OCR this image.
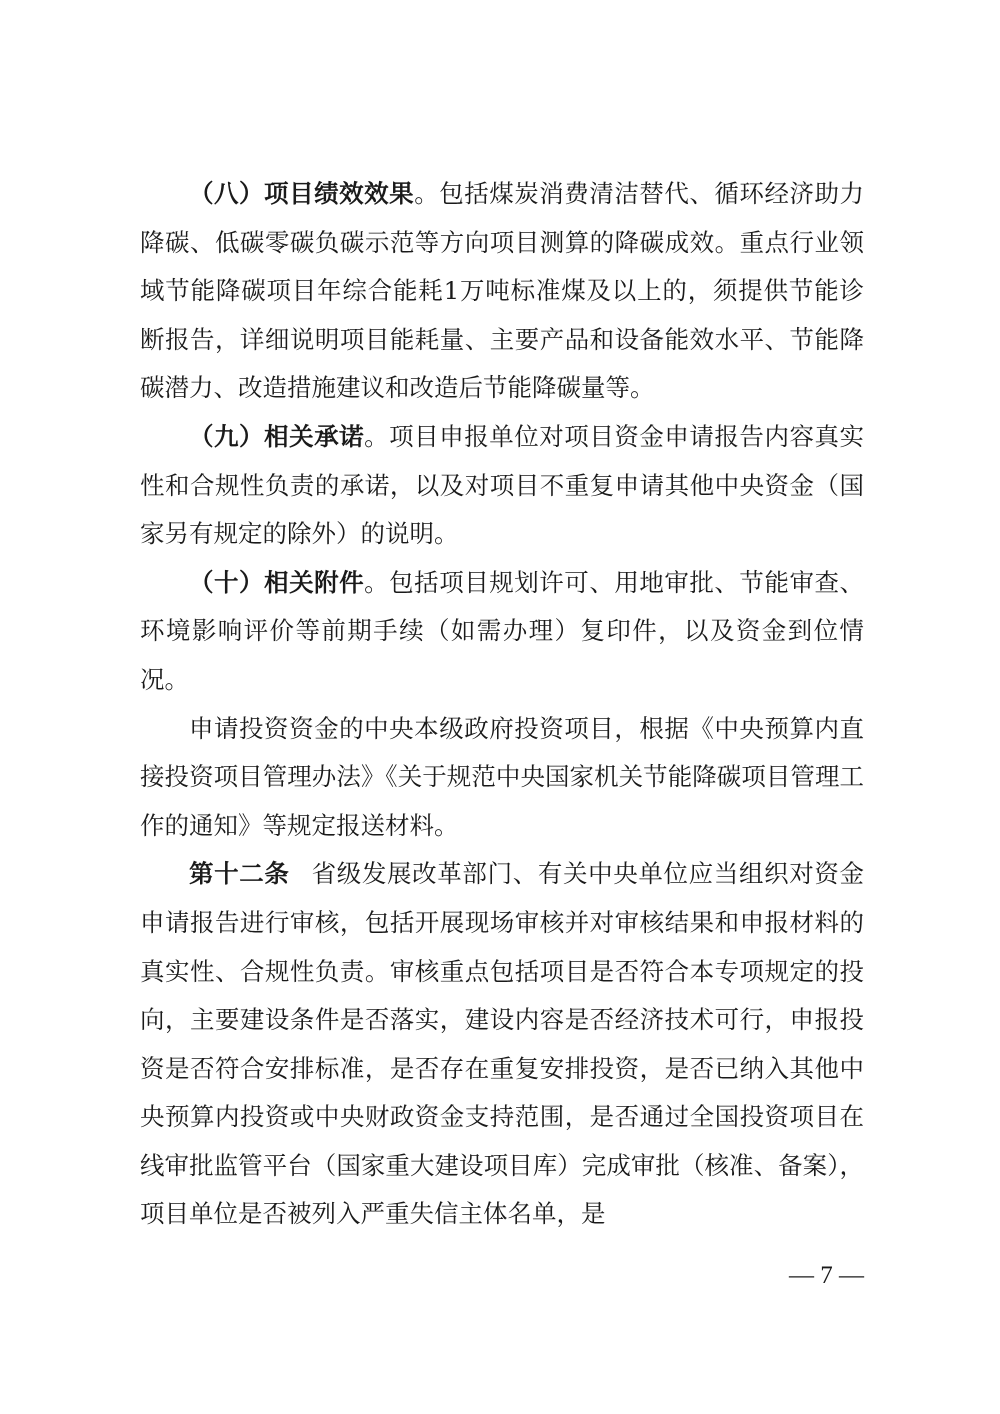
（八）项目绩效效果。包括煤炭消费清洁替代、循环经济助力降碳、低碳零碳负碳示范等方向项目测算的降碳成效。重点行业领域节能降碳项目年综合能耗1万吨标准煤及以上的，须提供节能诊断报告，详细说明项目能耗量、主要产品和设备能效水平、节能降碳潜力、改造措施建议和改造后节能降碳量等。

（九）相关承诺。项目申报单位对项目资金申请报告内容真实性和合规性负责的承诺，以及对项目不重复申请其他中央资金（国家另有规定的除外）的说明。

（十）相关附件。包括项目规划许可、用地审批、节能审查、环境影响评价等前期手续（如需办理）复印件，以及资金到位情况。

申请投资资金的中央本级政府投资项目，根据《中央预算内直接投资项目管理办法》《关于规范中央国家机关节能降碳项目管理工作的通知》等规定报送材料。

第十二条 省级发展改革部门、有关中央单位应当组织对资金申请报告进行审核，包括开展现场审核并对审核结果和申报材料的真实性、合规性负责。审核重点包括项目是否符合本专项规定的投向，主要建设条件是否落实，建设内容是否经济技术可行，申报投资是否符合安排标准，是否存在重复安排投资，是否已纳入其他中央预算内投资或中央财政资金支持范围，是否通过全国投资项目在线审批监管平台（国家重大建设项目库）完成审批（核准、备案），项目单位是否被列入严重失信主体名单，是

— 7 —
